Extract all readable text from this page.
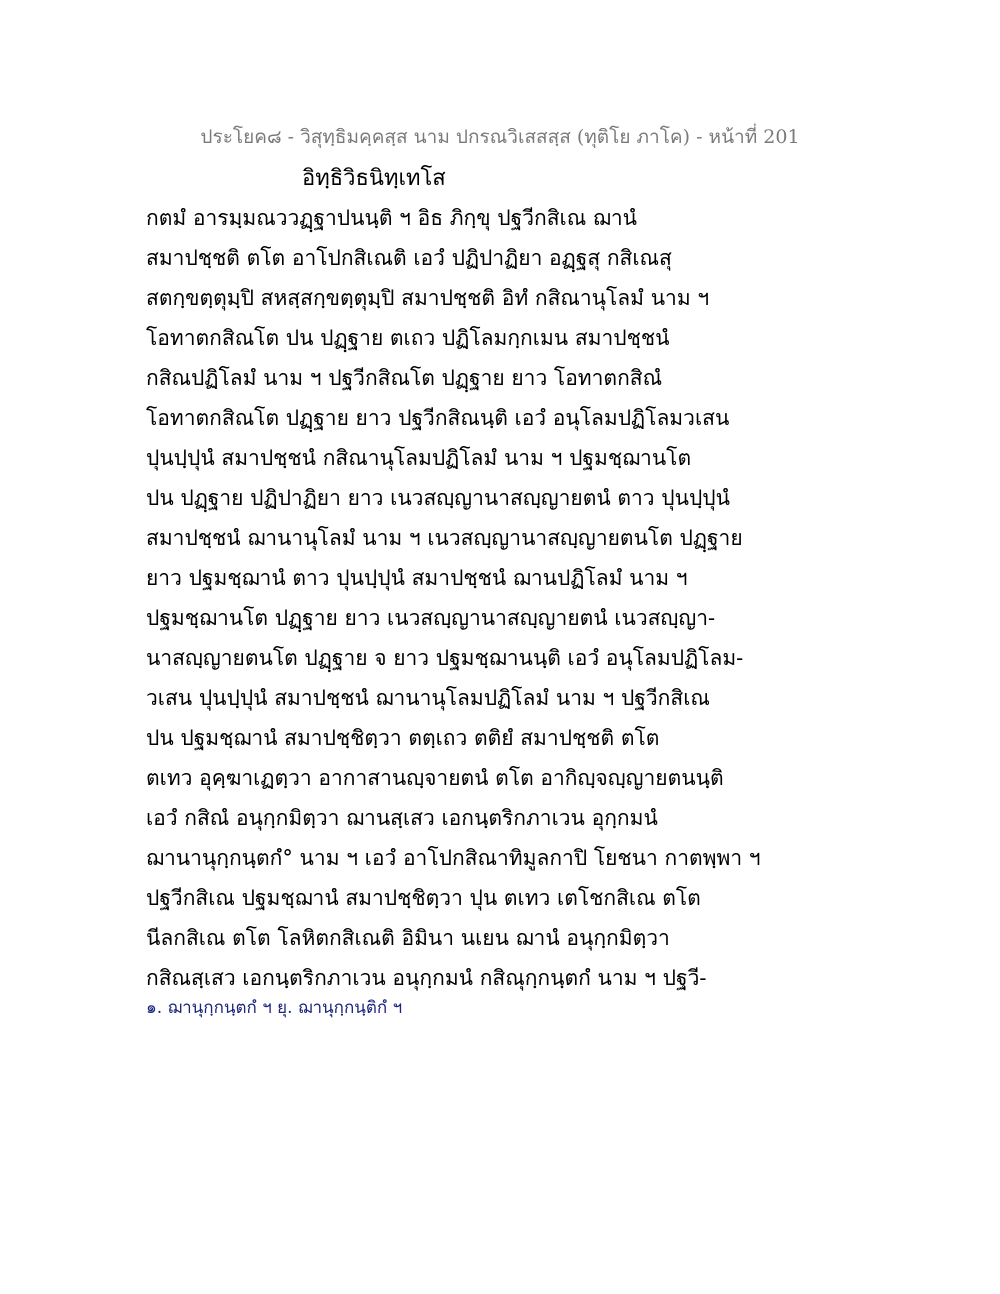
ประโยค๘ - วิสุทฺธิมคฺคสฺส นาม ปกรณวิเสสสฺส (ทุติโย ภาโค) - หน้าที่ 201
อิทฺธิวิธนิทฺเทโส
กตมํ อารมฺมณววฏฺฐาปนนฺติ ฯ อิธ ภิกฺขุ ปฐวีกสิเณ ฌานํ
สมาปชฺชติ ตโต อาโปกสิเณติ เอวํ ปฏิปาฏิยา อฏฺฐสุ กสิเณสุ
สตกฺขตฺตุมฺปิ สหสฺสกฺขตฺตุมฺปิ สมาปชฺชติ อิทํ กสิณานุโลมํ นาม ฯ
โอทาตกสิณโต ปน ปฏฺฐาย ตเถว ปฏิโลมกฺกเมน สมาปชฺชนํ
กสิณปฏิโลมํ นาม ฯ ปฐวีกสิณโต ปฏฺฐาย ยาว โอทาตกสิณํ
โอทาตกสิณโต ปฏฺฐาย ยาว ปฐวีกสิณนฺติ เอวํ อนุโลมปฏิโลมวเสน
ปุนปฺปุนํ สมาปชฺชนํ กสิณานุโลมปฏิโลมํ นาม ฯ ปฐมชฺฌานโต
ปน ปฏฺฐาย ปฏิปาฏิยา ยาว เนวสญฺญานาสญฺญายตนํ ตาว ปุนปฺปุนํ
สมาปชฺชนํ ฌานานุโลมํ นาม ฯ เนวสญฺญานาสญฺญายตนโต ปฏฺฐาย
ยาว ปฐมชฺฌานํ ตาว ปุนปฺปุนํ สมาปชฺชนํ ฌานปฏิโลมํ นาม ฯ
ปฐมชฺฌานโต ปฏฺฐาย ยาว เนวสญฺญานาสญฺญายตนํ เนวสญฺญา-
นาสญฺญายตนโต ปฏฺฐาย จ ยาว ปฐมชฺฌานนฺติ เอวํ อนุโลมปฏิโลม-
วเสน ปุนปฺปุนํ สมาปชฺชนํ ฌานานุโลมปฏิโลมํ นาม ฯ ปฐวีกสิเณ
ปน ปฐมชฺฌานํ สมาปชฺชิตฺวา ตตฺเถว ตติยํ สมาปชฺชติ ตโต
ตเทว อุคฺฆาเฏตฺวา อากาสานญฺจายตนํ ตโต อากิญฺจญฺญายตนนฺติ
เอวํ กสิณํ อนุกฺกมิตฺวา ฌานสฺเสว เอกนฺตริกภาเวน อุกฺกมนํ
ฌานานุกฺกนฺตกํ° นาม ฯ เอวํ อาโปกสิณาทิมูลกาปิ โยชนา กาตพฺพา ฯ
ปฐวีกสิเณ ปฐมชฺฌานํ สมาปชฺชิตฺวา ปุน ตเทว เตโชกสิเณ ตโต
นีลกสิเณ ตโต โลหิตกสิเณติ อิมินา นเยน ฌานํ อนุกฺกมิตฺวา
กสิณสฺเสว เอกนฺตริกภาเวน อนุกฺกมนํ กสิณุกฺกนฺตกํ นาม ฯ ปฐวี-
๑. ฌานุกฺกนฺตกํ ฯ ยุ. ฌานุกฺกนฺติกํ ฯ
